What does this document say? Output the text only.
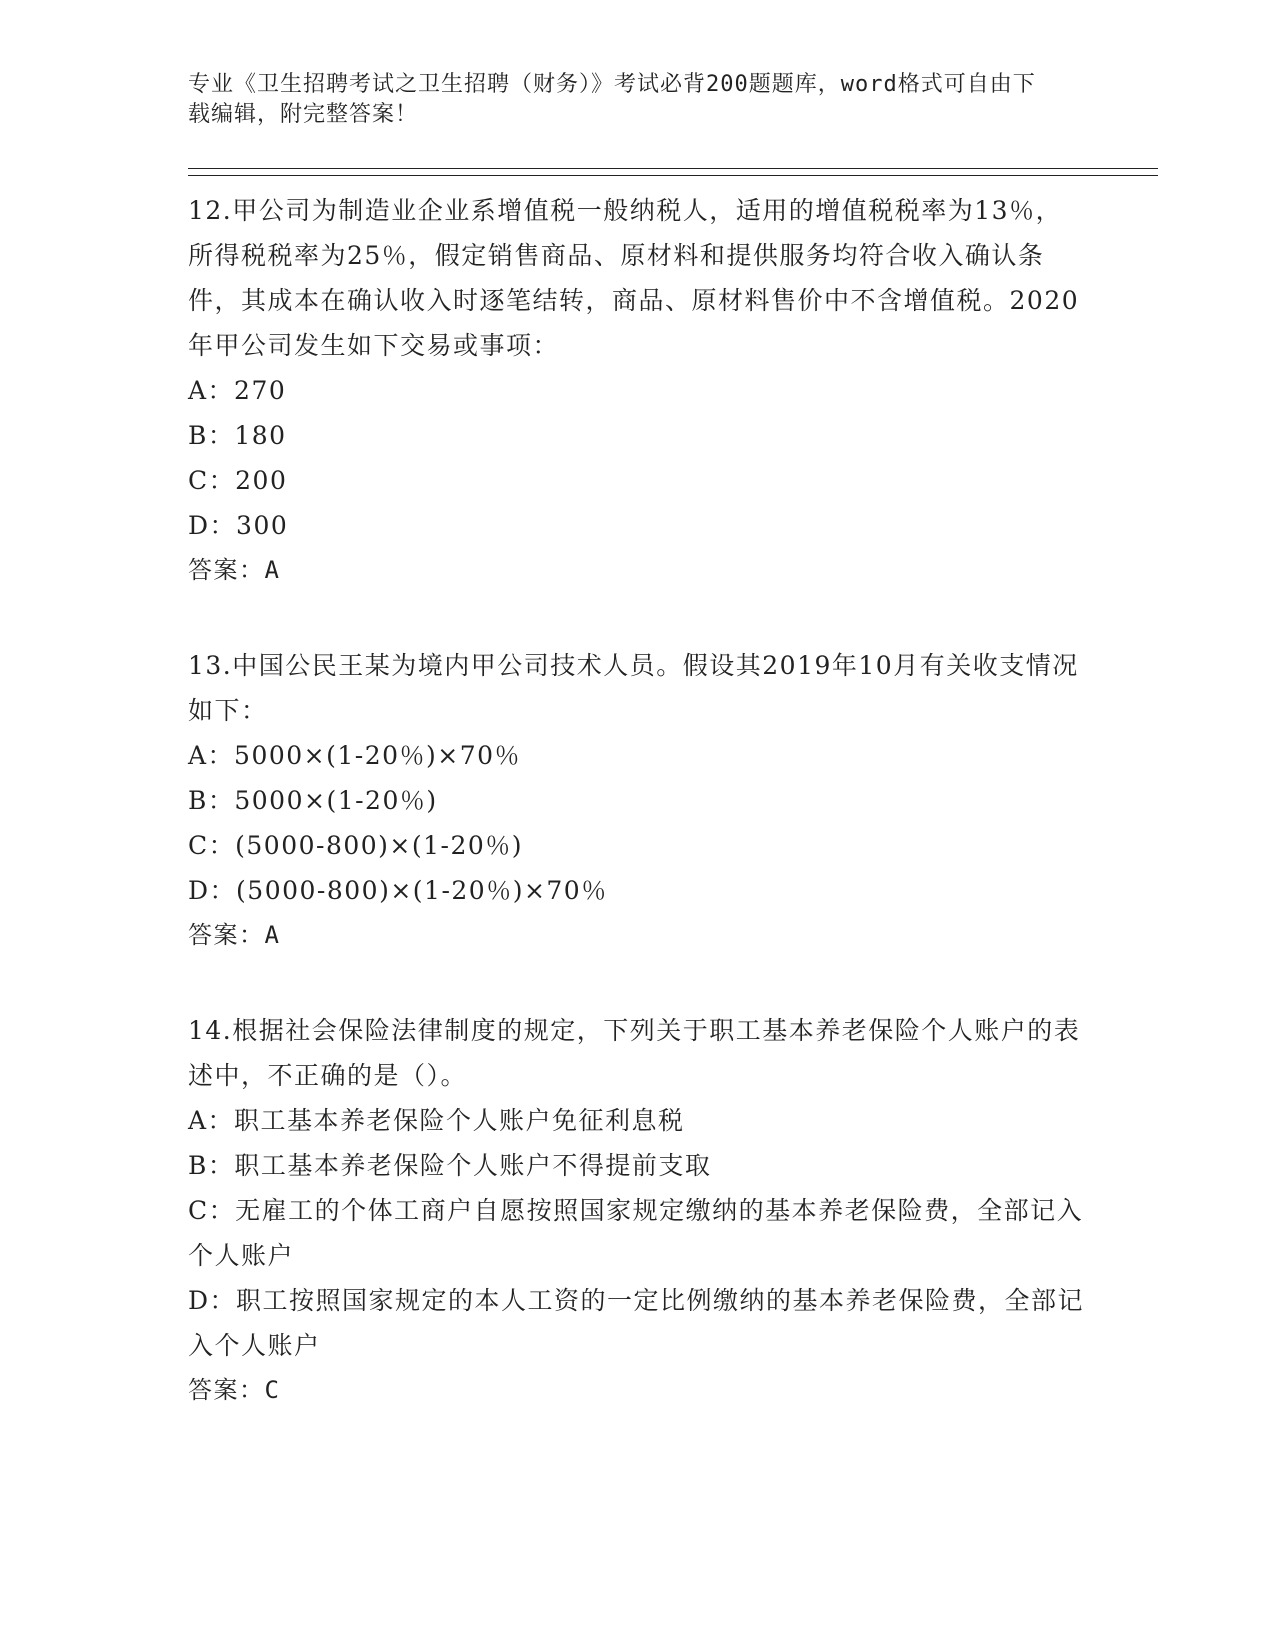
专业《卫生招聘考试之卫生招聘（财务）》考试必背200题题库，word格式可自由下载编辑，附完整答案！
12.甲公司为制造业企业系增值税一般纳税人，适用的增值税税率为13％，所得税税率为25％，假定销售商品、原材料和提供服务均符合收入确认条件，其成本在确认收入时逐笔结转，商品、原材料售价中不含增值税。2020年甲公司发生如下交易或事项：
A：270
B：180
C：200
D：300
答案：A
13.中国公民王某为境内甲公司技术人员。假设其2019年10月有关收支情况如下：
A：5000×(1-20％)×70％
B：5000×(1-20％)
C：(5000-800)×(1-20％)
D：(5000-800)×(1-20％)×70％
答案：A
14.根据社会保险法律制度的规定，下列关于职工基本养老保险个人账户的表述中，不正确的是（）。
A：职工基本养老保险个人账户免征利息税
B：职工基本养老保险个人账户不得提前支取
C：无雇工的个体工商户自愿按照国家规定缴纳的基本养老保险费，全部记入个人账户
D：职工按照国家规定的本人工资的一定比例缴纳的基本养老保险费，全部记入个人账户
答案：C
